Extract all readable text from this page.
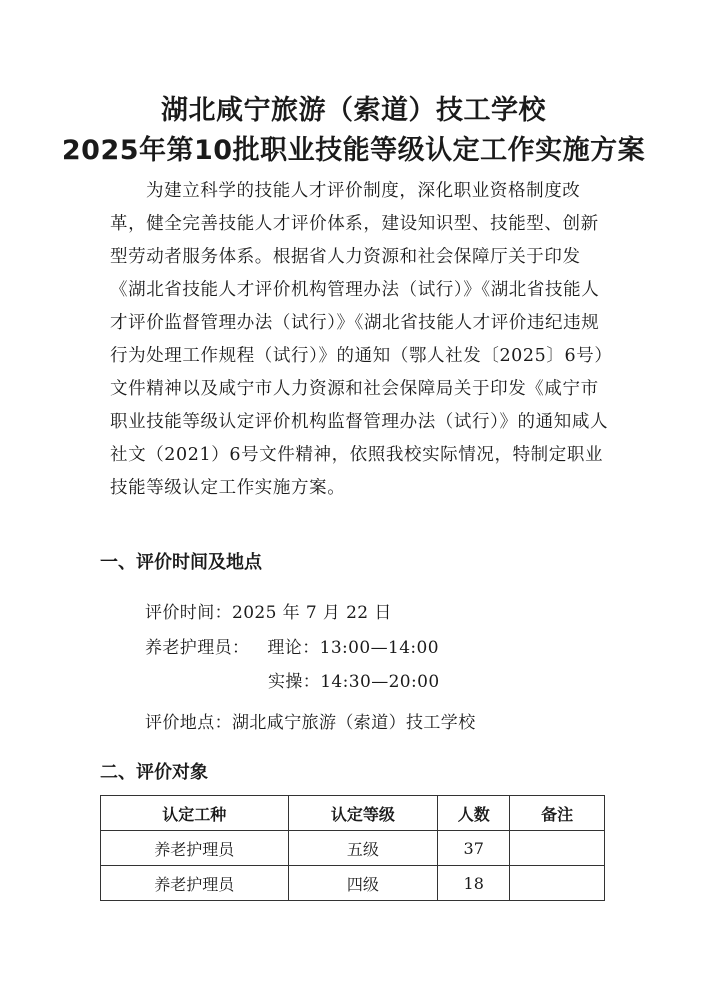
湖北咸宁旅游（索道）技工学校
2025年第10批职业技能等级认定工作实施方案
为建立科学的技能人才评价制度，深化职业资格制度改革，健全完善技能人才评价体系，建设知识型、技能型、创新型劳动者服务体系。根据省人力资源和社会保障厅关于印发《湖北省技能人才评价机构管理办法（试行）》《湖北省技能人才评价监督管理办法（试行）》《湖北省技能人才评价违纪违规行为处理工作规程（试行）》的通知（鄂人社发〔2025〕6号）文件精神以及咸宁市人力资源和社会保障局关于印发《咸宁市职业技能等级认定评价机构监督管理办法（试行）》的通知咸人社文（2021）6号文件精神，依照我校实际情况，特制定职业技能等级认定工作实施方案。
一、评价时间及地点
评价时间：2025 年 7 月 22 日
养老护理员： 理论：13:00—14:00
实操：14:30—20:00
评价地点：湖北咸宁旅游（索道）技工学校
二、评价对象
认定工种	认定等级	人数	备注
养老护理员	五级	37	
养老护理员	四级	18	
